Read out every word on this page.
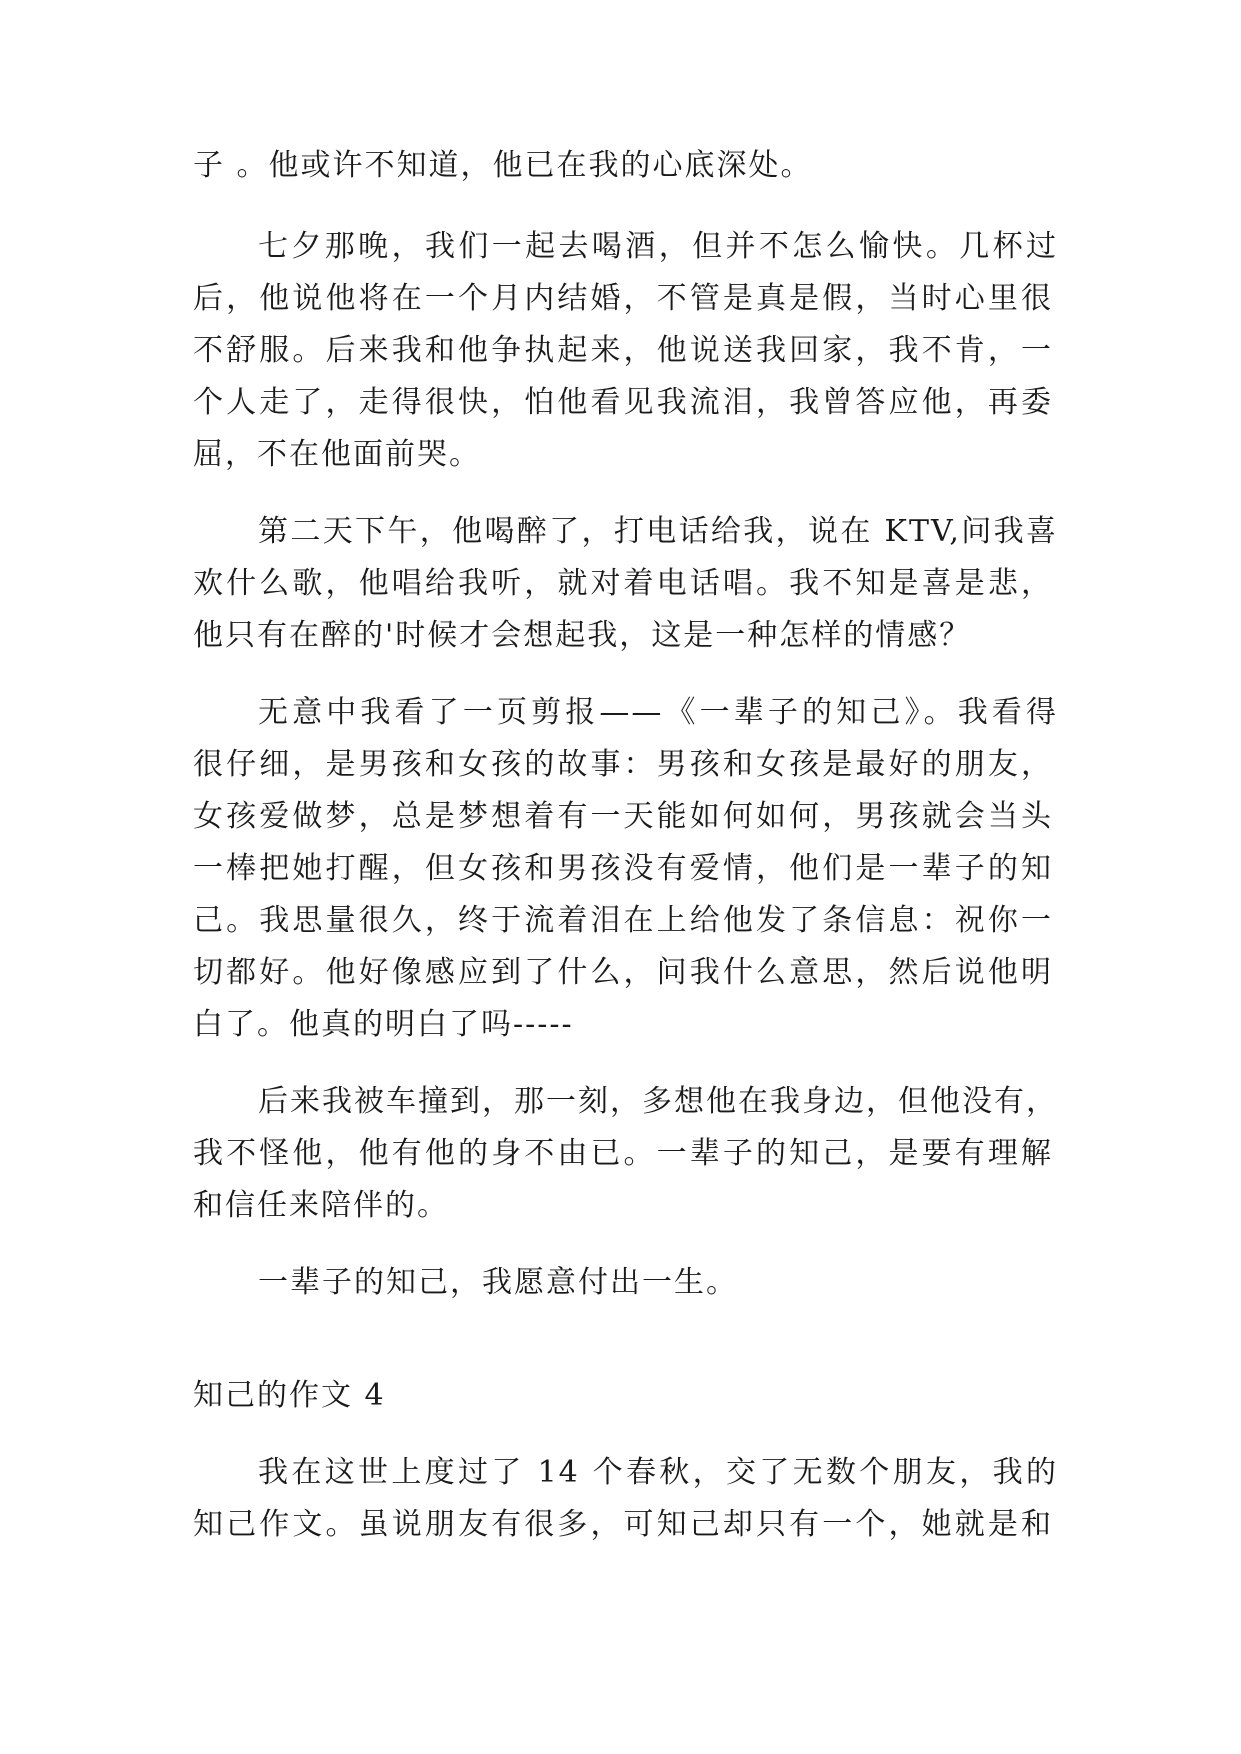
子 。他或许不知道，他已在我的心底深处。
七夕那晚，我们一起去喝酒，但并不怎么愉快。几杯过
后，他说他将在一个月内结婚，不管是真是假，当时心里很
不舒服。后来我和他争执起来，他说送我回家，我不肯，一
个人走了，走得很快，怕他看见我流泪，我曾答应他，再委
屈，不在他面前哭。
第二天下午，他喝醉了，打电话给我，说在 KTV,问我喜
欢什么歌，他唱给我听，就对着电话唱。我不知是喜是悲，
他只有在醉的'时候才会想起我，这是一种怎样的情感？
无意中我看了一页剪报——《一辈子的知己》。我看得
很仔细，是男孩和女孩的故事：男孩和女孩是最好的朋友，
女孩爱做梦，总是梦想着有一天能如何如何，男孩就会当头
一棒把她打醒，但女孩和男孩没有爱情，他们是一辈子的知
己。我思量很久，终于流着泪在上给他发了条信息：祝你一
切都好。他好像感应到了什么，问我什么意思，然后说他明
白了。他真的明白了吗-----
后来我被车撞到，那一刻，多想他在我身边，但他没有，
我不怪他，他有他的身不由已。一辈子的知己，是要有理解
和信任来陪伴的。
一辈子的知己，我愿意付出一生。
知己的作文 4
我在这世上度过了 14 个春秋，交了无数个朋友，我的
知己作文。虽说朋友有很多，可知己却只有一个，她就是和
